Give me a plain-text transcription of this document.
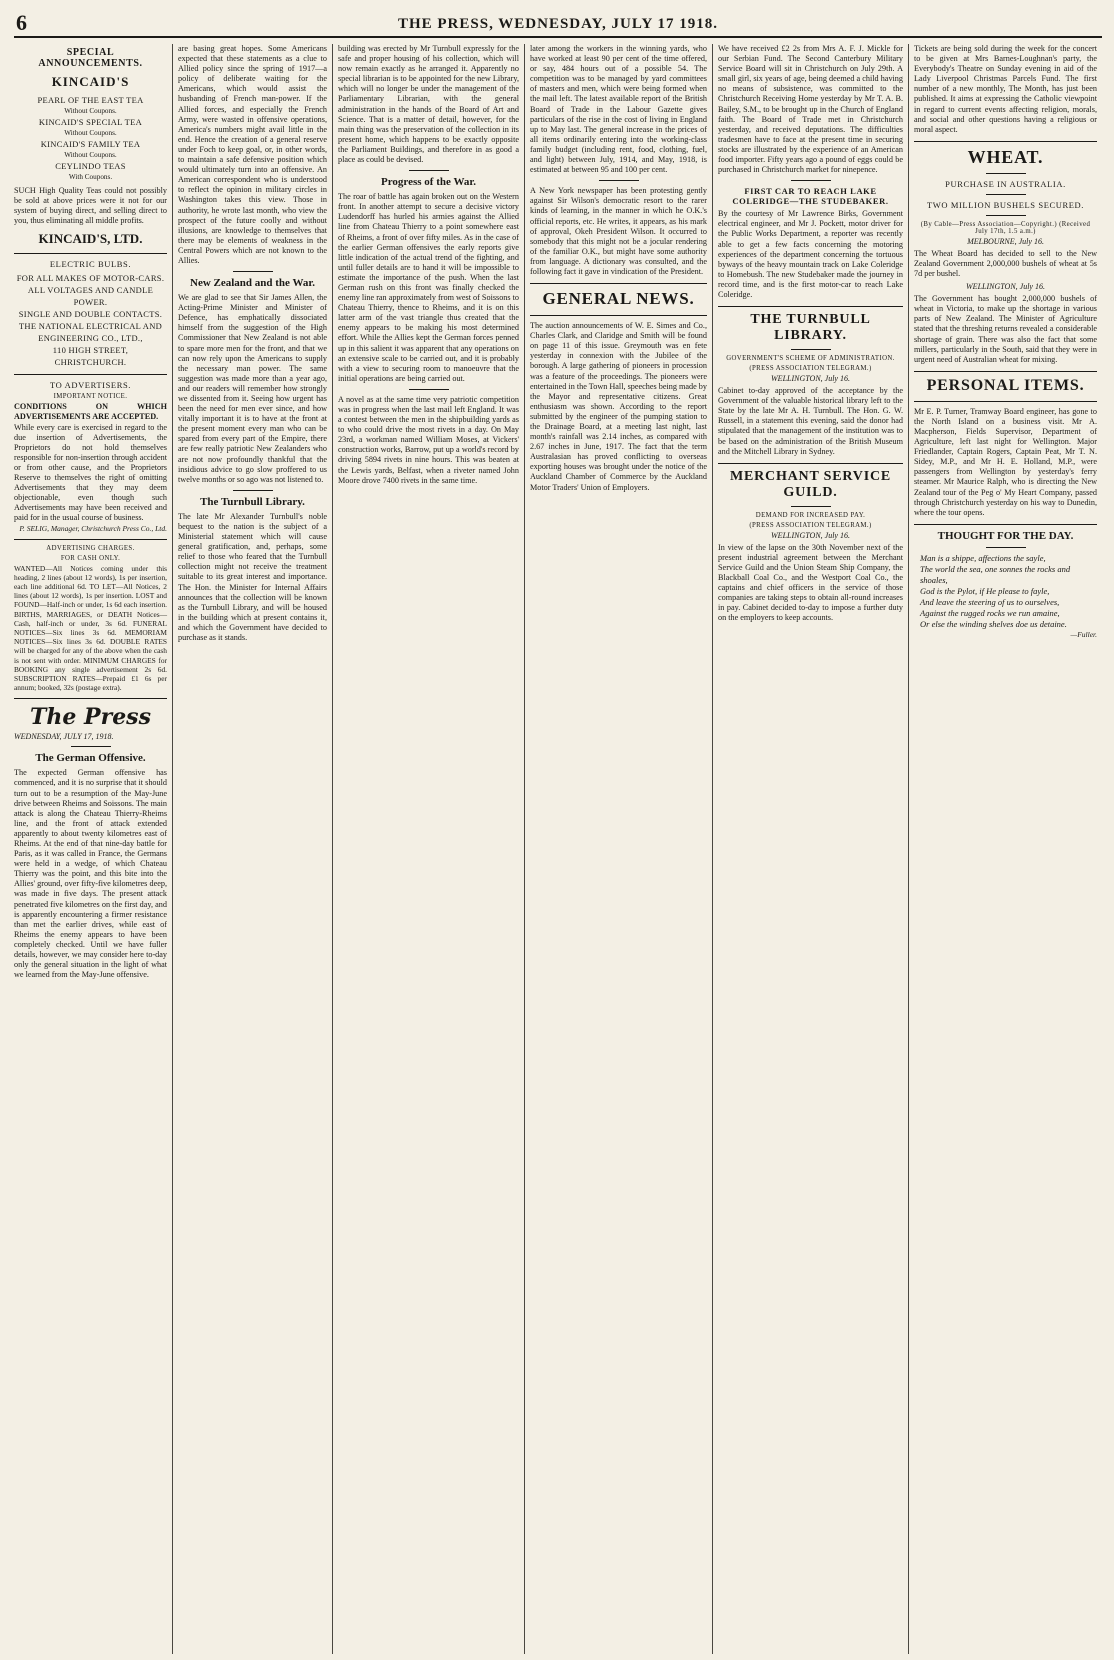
6	THE PRESS, WEDNESDAY, JULY 17 1918.
SPECIAL ANNOUNCEMENTS.
KINCAID'S
PEARL OF THE EAST TEA
Without Coupons.
KINCAID'S SPECIAL TEA
Without Coupons.
KINCAID'S FAMILY TEA
Without Coupons.
CEYLINDO TEAS
With Coupons.
SUCH High Quality Teas could not possibly be sold at above prices were it not for our system of buying direct, and selling direct to you, thus eliminating all middle profits.
KINCAID'S, LTD.
ELECTRIC BULBS.
FOR ALL MAKES OF MOTOR-CARS.
ALL VOLTAGES AND CANDLE POWER.
SINGLE AND DOUBLE CONTACTS.
THE NATIONAL ELECTRICAL AND
ENGINEERING CO., LTD.,
110 HIGH STREET,
CHRISTCHURCH.
TO ADVERTISERS.
IMPORTANT NOTICE.
CONDITIONS ON WHICH ADVERTISEMENTS ARE ACCEPTED.
While every care is exercised in regard to the due insertion of Advertisements, the Proprietors do not hold themselves responsible for non-insertion through accident or from other cause, and the Proprietors Reserve to themselves the right of omitting Advertisements that they may deem objectionable, even though such Advertisements may have been received and paid for in the usual course of business.
P. SELIG, Manager, Christchurch Press Co., Ltd.
ADVERTISING CHARGES.
FOR CASH ONLY.
WANTED—All Notices coming under this heading, 2 lines (about 12 words), 1s per insertion, each line additional 6d. TO LET—All Notices, 2 lines (about 12 words), 1s per insertion. LOST and FOUND—Half-inch or under, 1s 6d each insertion. BIRTHS, MARRIAGES, or DEATH Notices—Cash, half-inch or under, 3s 6d. FUNERAL NOTICES—Six lines 3s 6d. MEMORIAM NOTICES—Six lines 3s 6d. DOUBLE RATES will be charged for any of the above when the cash is not sent with order. MINIMUM CHARGES for BOOKING any single advertisement 2s 6d. SUBSCRIPTION RATES—Prepaid £1 6s per annum; booked, 32s (postage extra).
The Press
WEDNESDAY, JULY 17, 1918.
The German Offensive.
The expected German offensive has commenced, and it is no surprise that it should turn out to be a resumption of the May-June drive between Rheims and Soissons. The main attack is along the Chateau Thierry-Rheims line, and the front of attack extended apparently to about twenty kilometres east of Rheims. At the end of that nine-day battle for Paris, as it was called in France, the Germans were held in a wedge, of which Chateau Thierry was the point, and this bite into the Allies' ground, over fifty-five kilometres deep, was made in five days. The present attack penetrated five kilometres on the first day, and is apparently encountering a firmer resistance than met the earlier drives, while east of Rheims the enemy appears to have been completely checked. Until we have fuller details, however, we may consider here to-day only the general situation in the light of what we learned from the May-June offensive.
are basing great hopes. Some Americans expected that these statements as a clue to Allied policy since the spring of 1917—a policy of deliberate waiting for the Americans, which would assist the husbanding of French man-power. If the Allied forces, and especially the French Army, were wasted in offensive operations, America's numbers might avail little in the end. Hence the creation of a general reserve under Foch to keep goal, or, in other words, to maintain a safe defensive position which would ultimately turn into an offensive. An American correspondent who is understood to reflect the opinion in military circles in Washington takes this view. Those in authority, he wrote last month, who view the prospect of the future coolly and without illusions, are knowledge to themselves that there may be elements of weakness in the Central Powers which are not known to the Allies.
New Zealand and the War.
We are glad to see that Sir James Allen, the Acting-Prime Minister and Minister of Defence, has emphatically dissociated himself from the suggestion of the High Commissioner that New Zealand is not able to spare more men for the front, and that we can now rely upon the Americans to supply the necessary man power. The same suggestion was made more than a year ago, and our readers will remember how strongly we dissented from it. Seeing how urgent has been the need for men ever since, and how vitally important it is to have at the front at the present moment every man who can be spared from every part of the Empire, there are few really patriotic New Zealanders who are not now profoundly thankful that the insidious advice to go slow proffered to us twelve months or so ago was not listened to.
The Turnbull Library.
The late Mr Alexander Turnbull's noble bequest to the nation is the subject of a Ministerial statement which will cause general gratification, and, perhaps, some relief to those who feared that the Turnbull collection might not receive the treatment suitable to its great interest and importance. The Hon. the Minister for Internal Affairs announces that the collection will be known as the Turnbull Library, and will be housed in the building which at present contains it, and which the Government have decided to purchase as it stands.
building was erected by Mr Turnbull expressly for the safe and proper housing of his collection, which will now remain exactly as he arranged it. Apparently no special librarian is to be appointed for the new Library, which will no longer be under the management of the Parliamentary Librarian, with the general administration in the hands of the Board of Art and Science. That is a matter of detail, however, for the main thing was the preservation of the collection in its present home, which happens to be exactly opposite the Parliament Buildings, and therefore in as good a place as could be devised.
Progress of the War.
The roar of battle has again broken out on the Western front. In another attempt to secure a decisive victory Ludendorff has hurled his armies against the Allied line from Chateau Thierry to a point somewhere east of Rheims, a front of over fifty miles. As in the case of the earlier German offensives the early reports give little indication of the actual trend of the fighting, and until fuller details are to hand it will be impossible to estimate the importance of the push. When the last German rush on this front was finally checked the enemy line ran approximately from west of Soissons to Chateau Thierry, thence to Rheims, and it is on this latter arm of the vast triangle thus created that the enemy appears to be making his most determined effort. While the Allies kept the German forces penned up in this salient it was apparent that any operations on an extensive scale to be carried out, and it is probably with a view to securing room to manoeuvre that the initial operations are being carried out.
A novel as at the same time very patriotic competition was in progress when the last mail left England. It was a contest between the men in the shipbuilding yards as to who could drive the most rivets in a day. On May 23rd, a workman named William Moses, at Vickers' construction works, Barrow, put up a world's record by driving 5894 rivets in nine hours. This was beaten at the Lewis yards, Belfast, when a riveter named John Moore drove 7400 rivets in the same time.
later among the workers in the winning yards, who have worked at least 90 per cent of the time offered, or say, 484 hours out of a possible 54. The competition was to be managed by yard committees of masters and men, which were being formed when the mail left. The latest available report of the British Board of Trade in the Labour Gazette gives particulars of the rise in the cost of living in England up to May last. The general increase in the prices of all items ordinarily entering into the working-class family budget (including rent, food, clothing, fuel, and light) between July, 1914, and May, 1918, is estimated at between 95 and 100 per cent.
A New York newspaper has been protesting gently against Sir Wilson's democratic resort to the rarer kinds of learning, in the manner in which he O.K.'s official reports, etc. He writes, it appears, as his mark of approval, Okeh President Wilson. It occurred to somebody that this might not be a jocular rendering of the familiar O.K., but might have some authority from language. A dictionary was consulted, and the following fact it gave in vindication of the President.
GENERAL NEWS.
The auction announcements of W. E. Simes and Co., Charles Clark, and Claridge and Smith will be found on page 11 of this issue. Greymouth was en fete yesterday in connexion with the Jubilee of the borough. A large gathering of pioneers in procession was a feature of the proceedings. The pioneers were entertained in the Town Hall, speeches being made by the Mayor and representative citizens. Great enthusiasm was shown. According to the report submitted by the engineer of the pumping station to the Drainage Board, at a meeting last night, last month's rainfall was 2.14 inches, as compared with 2.67 inches in June, 1917. The fact that the term Australasian has proved conflicting to overseas exporting houses was brought under the notice of the Auckland Chamber of Commerce by the Auckland Motor Traders' Union of Employers.
We have received £2 2s from Mrs A. F. J. Mickle for our Serbian Fund. The Second Canterbury Military Service Board will sit in Christchurch on July 29th. A small girl, six years of age, being deemed a child having no means of subsistence, was committed to the Christchurch Receiving Home yesterday by Mr T. A. B. Bailey, S.M., to be brought up in the Church of England faith. The Board of Trade met in Christchurch yesterday, and received deputations. The difficulties tradesmen have to face at the present time in securing stocks are illustrated by the experience of an American food importer. Fifty years ago a pound of eggs could be purchased in Christchurch market for ninepence.
FIRST CAR TO REACH LAKE COLERIDGE—THE STUDEBAKER.
By the courtesy of Mr Lawrence Birks, Government electrical engineer, and Mr J. Pockett, motor driver for the Public Works Department, a reporter was recently able to get a few facts concerning the motoring experiences of the department concerning the tortuous byways of the heavy mountain track on Lake Coleridge to Homebush. The new Studebaker made the journey in record time, and is the first motor-car to reach Lake Coleridge.
THE TURNBULL LIBRARY.
GOVERNMENT'S SCHEME OF ADMINISTRATION.
(PRESS ASSOCIATION TELEGRAM.)
WELLINGTON, July 16.
Cabinet to-day approved of the acceptance by the Government of the valuable historical library left to the State by the late Mr A. H. Turnbull. The Hon. G. W. Russell, in a statement this evening, said the donor had stipulated that the management of the institution was to be based on the administration of the British Museum and the Mitchell Library in Sydney.
MERCHANT SERVICE GUILD.
DEMAND FOR INCREASED PAY.
(PRESS ASSOCIATION TELEGRAM.)
WELLINGTON, July 16.
In view of the lapse on the 30th November next of the present industrial agreement between the Merchant Service Guild and the Union Steam Ship Company, the Blackball Coal Co., and the Westport Coal Co., the captains and chief officers in the service of those companies are taking steps to obtain all-round increases in pay. Cabinet decided to-day to impose a further duty on the employers to keep accounts.
Tickets are being sold during the week for the concert to be given at Mrs Barnes-Loughnan's party, the Everybody's Theatre on Sunday evening in aid of the Lady Liverpool Christmas Parcels Fund. The first number of a new monthly, The Month, has just been published. It aims at expressing the Catholic viewpoint in regard to current events affecting religion, morals, and social and other questions having a religious or moral aspect.
WHEAT.
PURCHASE IN AUSTRALIA.
TWO MILLION BUSHELS SECURED.
(By Cable—Press Association—Copyright.) (Received July 17th, 1.5 a.m.)
MELBOURNE, July 16.
The Wheat Board has decided to sell to the New Zealand Government 2,000,000 bushels of wheat at 5s 7d per bushel.
WELLINGTON, July 16.
The Government has bought 2,000,000 bushels of wheat in Victoria, to make up the shortage in various parts of New Zealand. The Minister of Agriculture stated that the threshing returns revealed a considerable shortage of grain. There was also the fact that some millers, particularly in the South, said that they were in urgent need of Australian wheat for mixing.
PERSONAL ITEMS.
Mr E. P. Turner, Tramway Board engineer, has gone to the North Island on a business visit. Mr A. Macpherson, Fields Supervisor, Department of Agriculture, left last night for Wellington. Major Friedlander, Captain Rogers, Captain Peat, Mr T. N. Sidey, M.P., and Mr H. E. Holland, M.P., were passengers from Wellington by yesterday's ferry steamer. Mr Maurice Ralph, who is directing the New Zealand tour of the Peg o' My Heart Company, passed through Christchurch yesterday on his way to Dunedin, where the tour opens.
THOUGHT FOR THE DAY.
Man is a shippe, affections the sayle,
The world the sea, one sonnes the rocks and shoales,
God is the Pylot, if He please to fayle,
And leave the steering of us to ourselves,
Against the rugged rocks we run amaine,
Or else the winding shelves doe us detaine.
—Fuller.
